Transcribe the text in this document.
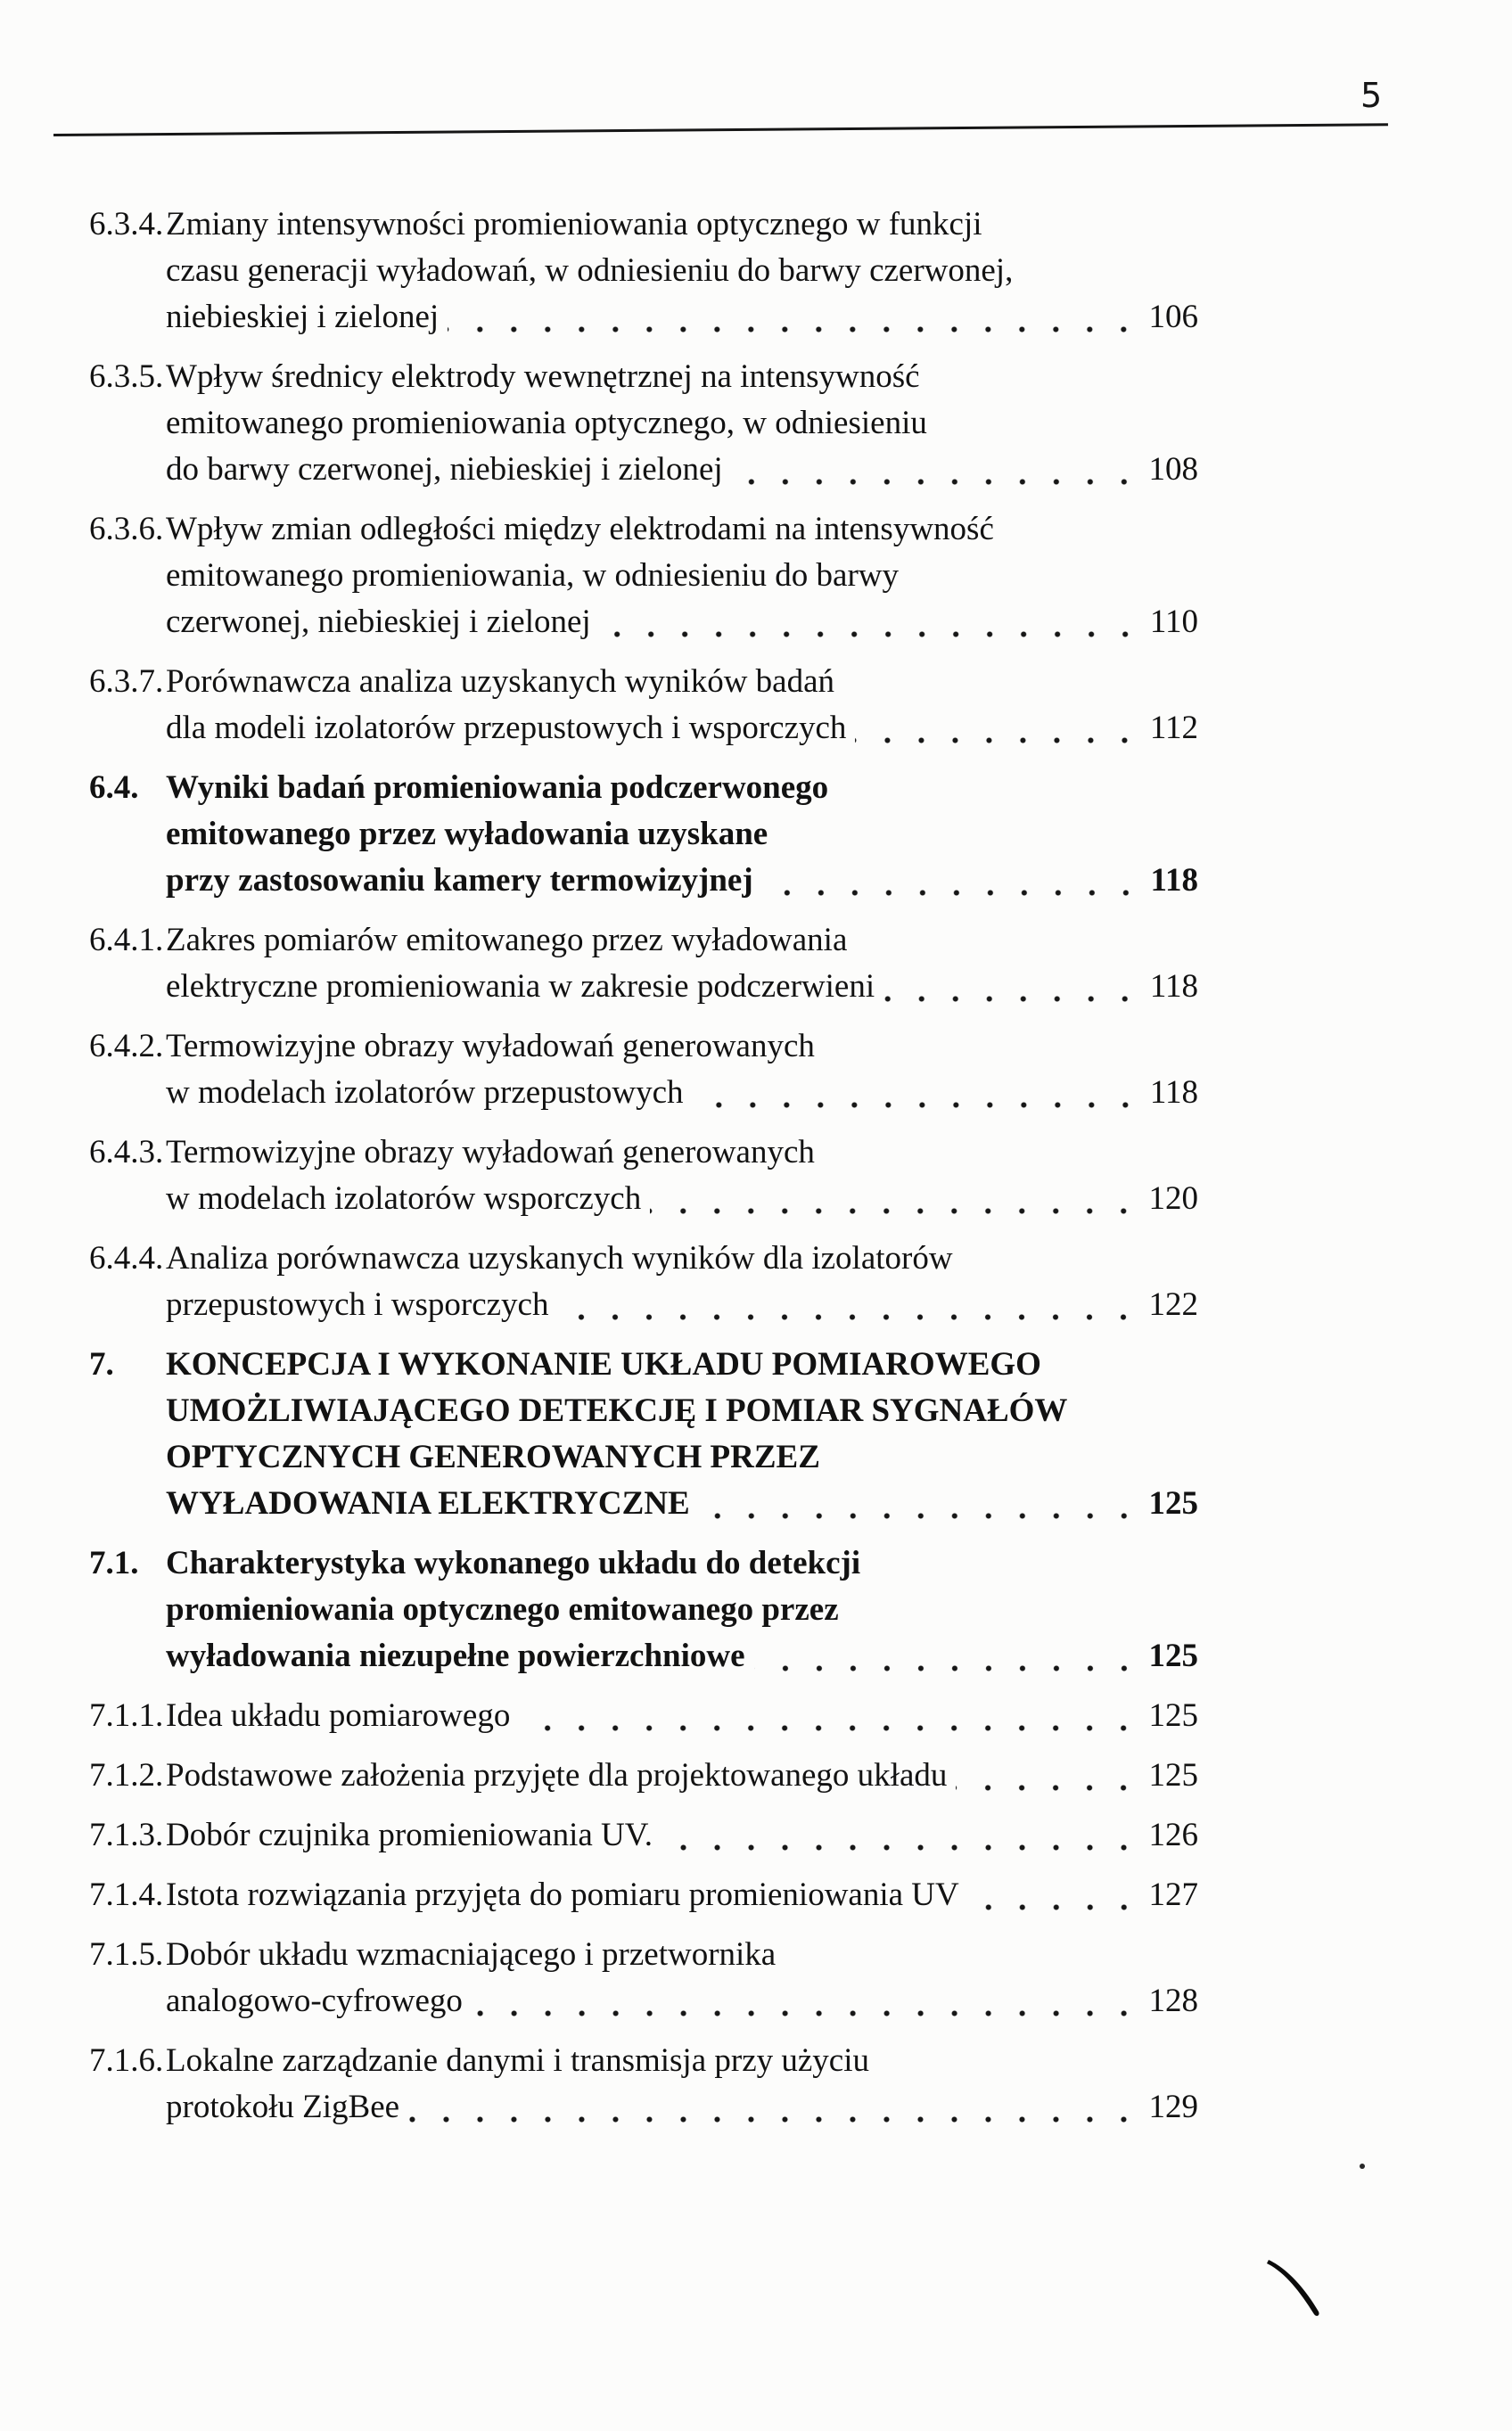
5
6.3.4. Zmiany intensywności promieniowania optycznego w funkcji
czasu generacji wyładowań, w odniesieniu do barwy czerwonej,
niebieskiej i zielonej	106
6.3.5. Wpływ średnicy elektrody wewnętrznej na intensywność
emitowanego promieniowania optycznego, w odniesieniu
do barwy czerwonej, niebieskiej i zielonej	108
6.3.6. Wpływ zmian odległości między elektrodami na intensywność
emitowanego promieniowania, w odniesieniu do barwy
czerwonej, niebieskiej i zielonej	110
6.3.7. Porównawcza analiza uzyskanych wyników badań
dla modeli izolatorów przepustowych i wsporczych	112
6.4. Wyniki badań promieniowania podczerwonego
emitowanego przez wyładowania uzyskane
przy zastosowaniu kamery termowizyjnej	118
6.4.1. Zakres pomiarów emitowanego przez wyładowania
elektryczne promieniowania w zakresie podczerwieni	118
6.4.2. Termowizyjne obrazy wyładowań generowanych
w modelach izolatorów przepustowych	118
6.4.3. Termowizyjne obrazy wyładowań generowanych
w modelach izolatorów wsporczych	120
6.4.4. Analiza porównawcza uzyskanych wyników dla izolatorów
przepustowych i wsporczych	122
7.	KONCEPCJA I WYKONANIE UKŁADU POMIAROWEGO
UMOŻLIWIAJĄCEGO DETEKCJĘ I POMIAR SYGNAŁÓW
OPTYCZNYCH GENEROWANYCH PRZEZ
WYŁADOWANIA ELEKTRYCZNE	125
7.1. Charakterystyka wykonanego układu do detekcji
promieniowania optycznego emitowanego przez
wyładowania niezupełne powierzchniowe	125
7.1.1. Idea układu pomiarowego	125
7.1.2. Podstawowe założenia przyjęte dla projektowanego układu	125
7.1.3. Dobór czujnika promieniowania UV.	126
7.1.4. Istota rozwiązania przyjęta do pomiaru promieniowania UV	127
7.1.5. Dobór układu wzmacniającego i przetwornika
analogowo-cyfrowego	128
7.1.6. Lokalne zarządzanie danymi i transmisja przy użyciu
protokołu ZigBee	129
